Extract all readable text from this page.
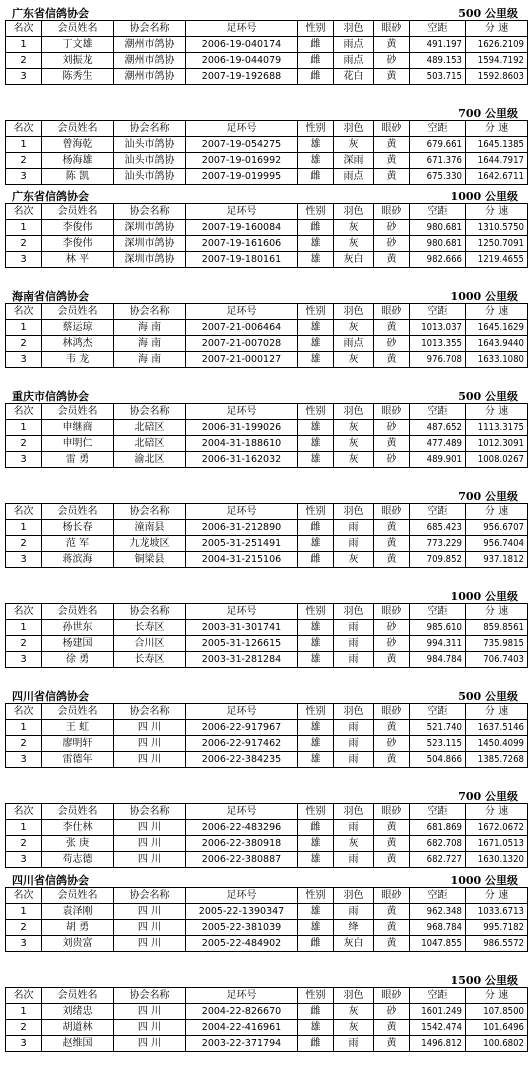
广东省信鸽协会	500 公里级
名次	会员姓名	协会名称	足环号	性别	羽色	眼砂	空距	分 速
1	丁文雄	潮州市鸽协	2006-19-040174	雌	雨点	黄	491.197	1626.2109
2	刘振龙	潮州市鸽协	2006-19-044079	雌	雨点	砂	489.153	1594.7192
3	陈秀生	潮州市鸽协	2007-19-192688	雌	花白	黄	503.715	1592.8603
700 公里级
名次	会员姓名	协会名称	足环号	性别	羽色	眼砂	空距	分 速
1	曾海乾	汕头市鸽协	2007-19-054275	雄	灰	黄	679.661	1645.1385
2	杨海雄	汕头市鸽协	2007-19-016992	雄	深雨	黄	671.376	1644.7917
3	陈 凯	汕头市鸽协	2007-19-019995	雌	雨点	黄	675.330	1642.6711
广东省信鸽协会	1000 公里级
名次	会员姓名	协会名称	足环号	性别	羽色	眼砂	空距	分 速
1	李俊伟	深圳市鸽协	2007-19-160084	雌	灰	砂	980.681	1310.5750
2	李俊伟	深圳市鸽协	2007-19-161606	雄	灰	砂	980.681	1250.7091
3	林 平	深圳市鸽协	2007-19-180161	雄	灰白	黄	982.666	1219.4655
海南省信鸽协会	1000 公里级
名次	会员姓名	协会名称	足环号	性别	羽色	眼砂	空距	分 速
1	蔡运琼	海 南	2007-21-006464	雄	灰	黄	1013.037	1645.1629
2	林鸿杰	海 南	2007-21-007028	雄	雨点	砂	1013.355	1643.9440
3	韦 龙	海 南	2007-21-000127	雄	灰	黄	976.708	1633.1080
重庆市信鸽协会	500 公里级
名次	会员姓名	协会名称	足环号	性别	羽色	眼砂	空距	分 速
1	申继商	北碚区	2006-31-199026	雄	灰	砂	487.652	1113.3175
2	申明仁	北碚区	2004-31-188610	雄	灰	黄	477.489	1012.3091
3	雷 勇	渝北区	2006-31-162032	雄	灰	砂	489.901	1008.0267
700 公里级
名次	会员姓名	协会名称	足环号	性别	羽色	眼砂	空距	分 速
1	杨长春	潼南县	2006-31-212890	雌	雨	黄	685.423	956.6707
2	范 军	九龙坡区	2005-31-251491	雄	雨	黄	773.229	956.7404
3	蒋滨海	铜梁县	2004-31-215106	雌	灰	黄	709.852	937.1812
1000 公里级
名次	会员姓名	协会名称	足环号	性别	羽色	眼砂	空距	分 速
1	孙世东	长寿区	2003-31-301741	雄	雨	砂	985.610	859.8561
2	杨建国	合川区	2005-31-126615	雄	雨	砂	994.311	735.9815
3	徐 勇	长寿区	2003-31-281284	雄	雨	黄	984.784	706.7403
四川省信鸽协会	500 公里级
名次	会员姓名	协会名称	足环号	性别	羽色	眼砂	空距	分 速
1	王 虹	四 川	2006-22-917967	雄	雨	黄	521.740	1637.5146
2	廖明轩	四 川	2006-22-917462	雄	雨	砂	523.115	1450.4099
3	雷德年	四 川	2006-22-384235	雄	雨	黄	504.866	1385.7268
700 公里级
名次	会员姓名	协会名称	足环号	性别	羽色	眼砂	空距	分 速
1	李仕林	四 川	2006-22-483296	雌	雨	黄	681.869	1672.0672
2	张 庚	四 川	2006-22-380918	雄	灰	黄	682.708	1671.0513
3	苟志德	四 川	2006-22-380887	雄	雨	黄	682.727	1630.1320
四川省信鸽协会	1000 公里级
名次	会员姓名	协会名称	足环号	性别	羽色	眼砂	空距	分 速
1	袁泽刚	四 川	2005-22-1390347	雄	雨	黄	962.348	1033.6713
2	胡 勇	四 川	2005-22-381039	雄	绛	黄	968.784	995.7182
3	刘贵富	四 川	2005-22-484902	雌	灰白	黄	1047.855	986.5572
1500 公里级
名次	会员姓名	协会名称	足环号	性别	羽色	眼砂	空距	分 速
1	刘绪忠	四 川	2004-22-826670	雌	灰	砂	1601.249	107.8500
2	胡道林	四 川	2004-22-416961	雄	灰	黄	1542.474	101.6496
3	赵维国	四 川	2003-22-371794	雌	雨	黄	1496.812	100.6802
